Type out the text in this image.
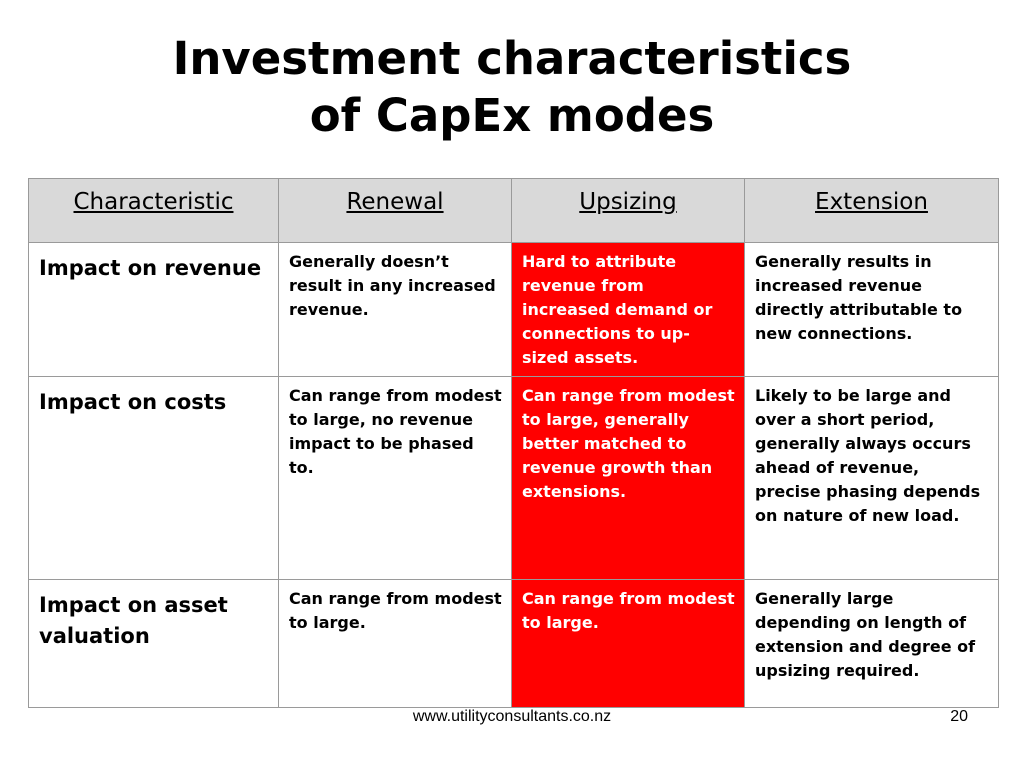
Investment characteristics
of CapEx modes
Characteristic	Renewal	Upsizing	Extension
Impact on revenue	Generally doesn’t result in any increased revenue.	Hard to attribute revenue from increased demand or connections to up-sized assets.	Generally results in increased revenue directly attributable to new connections.
Impact on costs	Can range from modest to large, no revenue impact to be phased to.	Can range from modest to large, generally better matched to revenue growth than extensions.	Likely to be large and over a short period, generally always occurs ahead of revenue, precise phasing depends on nature of new load.
Impact on asset valuation	Can range from modest to large.	Can range from modest to large.	Generally large depending on length of extension and degree of upsizing required.
www.utilityconsultants.co.nz	20
